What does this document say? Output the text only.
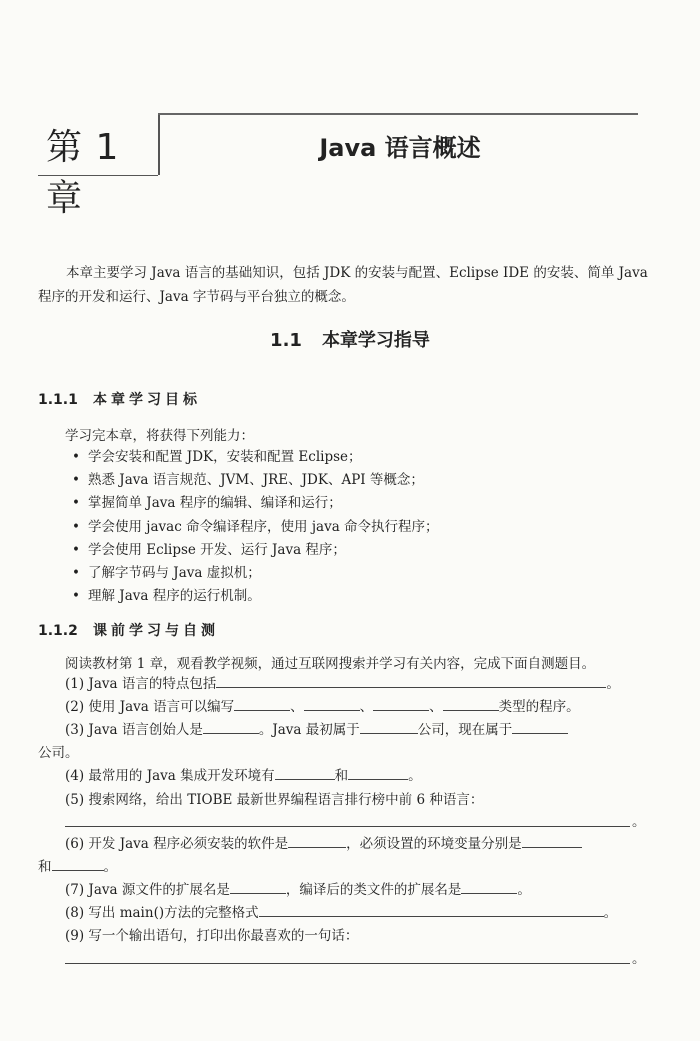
第 1 章
Java 语言概述
本章主要学习 Java 语言的基础知识，包括 JDK 的安装与配置、Eclipse IDE 的安装、简单 Java 程序的开发和运行、Java 字节码与平台独立的概念。
1.1 本章学习指导
1.1.1 本章学习目标
学习完本章，将获得下列能力：
• 学会安装和配置 JDK，安装和配置 Eclipse；
• 熟悉 Java 语言规范、JVM、JRE、JDK、API 等概念；
• 掌握简单 Java 程序的编辑、编译和运行；
• 学会使用 javac 命令编译程序，使用 java 命令执行程序；
• 学会使用 Eclipse 开发、运行 Java 程序；
• 了解字节码与 Java 虚拟机；
• 理解 Java 程序的运行机制。
1.1.2 课前学习与自测
阅读教材第 1 章，观看教学视频，通过互联网搜索并学习有关内容，完成下面自测题目。
(1) Java 语言的特点包括	。
(2) 使用 Java 语言可以编写	、	、	、	类型的程序。
(3) Java 语言创始人是	。Java 最初属于	公司，现在属于
公司。
(4) 最常用的 Java 集成开发环境有	和	。
(5) 搜索网络，给出 TIOBE 最新世界编程语言排行榜中前 6 种语言：
。
(6) 开发 Java 程序必须安装的软件是	，必须设置的环境变量分别是
和	。
(7) Java 源文件的扩展名是	，编译后的类文件的扩展名是	。
(8) 写出 main()方法的完整格式	。
(9) 写一个输出语句，打印出你最喜欢的一句话：
。
